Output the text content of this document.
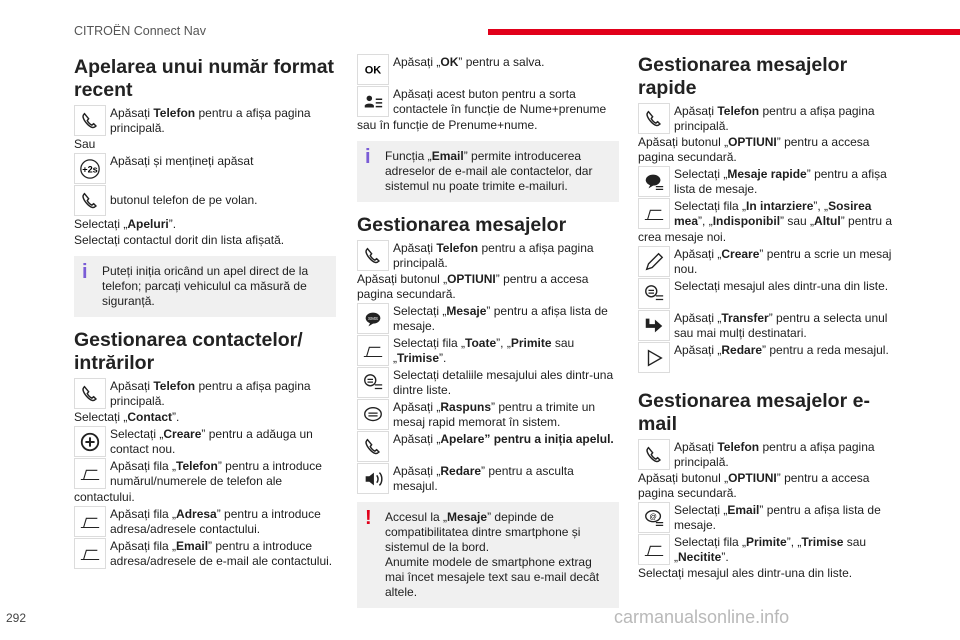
CITROËN Connect Nav
Apelarea unui număr format recent
Apăsați Telefon pentru a afișa pagina principală.
Sau
+2s
Apăsați și mențineți apăsat
butonul telefon de pe volan.
Selectați „Apeluri”.
Selectați contactul dorit din lista afișată.
i Puteți iniția oricând un apel direct de la telefon; parcați vehiculul ca măsură de siguranță.
Gestionarea contactelor/ intrărilor
Apăsați Telefon pentru a afișa pagina principală.
Selectați „Contact”.
Selectați „Creare” pentru a adăuga un contact nou.
Apăsați fila „Telefon” pentru a introduce numărul/numerele de telefon ale
contactului.
Apăsați fila „Adresa” pentru a introduce adresa/adresele contactului.
Apăsați fila „Email” pentru a introduce adresa/adresele de e-mail ale contactului.
OK
Apăsați „OK” pentru a salva.
Apăsați acest buton pentru a sorta contactele în funcție de Nume+prenume
sau în funcție de Prenume+nume.
i Funcția „Email” permite introducerea adreselor de e-mail ale contactelor, dar sistemul nu poate trimite e-mailuri.
Gestionarea mesajelor
Apăsați Telefon pentru a afișa pagina principală.
Apăsați butonul „OPTIUNI” pentru a accesa pagina secundară.
SMS Selectați „Mesaje” pentru a afișa lista de mesaje.
Selectați fila „Toate”, „Primite sau „Trimise”.
Selectați detaliile mesajului ales dintr-una dintre liste.
Apăsați „Raspuns” pentru a trimite un mesaj rapid memorat în sistem.
Apăsați „Apelare” pentru a iniția apelul.
Apăsați „Redare” pentru a asculta mesajul.
! Accesul la „Mesaje” depinde de compatibilitatea dintre smartphone și sistemul de la bord.
Anumite modele de smartphone extrag mai încet mesajele text sau e-mail decât altele.
Gestionarea mesajelor rapide
Apăsați Telefon pentru a afișa pagina principală.
Apăsați butonul „OPTIUNI” pentru a accesa pagina secundară.
Selectați „Mesaje rapide” pentru a afișa lista de mesaje.
Selectați fila „In intarziere”, „Sosirea mea”, „Indisponibil” sau „Altul” pentru a
crea mesaje noi.
Apăsați „Creare” pentru a scrie un mesaj nou.
Selectați mesajul ales dintr-una din liste.
Apăsați „Transfer” pentru a selecta unul sau mai mulți destinatari.
Apăsați „Redare” pentru a reda mesajul.
Gestionarea mesajelor e-mail
Apăsați Telefon pentru a afișa pagina principală.
Apăsați butonul „OPTIUNI” pentru a accesa pagina secundară.
@ Selectați „Email” pentru a afișa lista de mesaje.
Selectați fila „Primite”, „Trimise sau „Necitite”.
Selectați mesajul ales dintr-una din liste.
292	carmanualsonline.info
